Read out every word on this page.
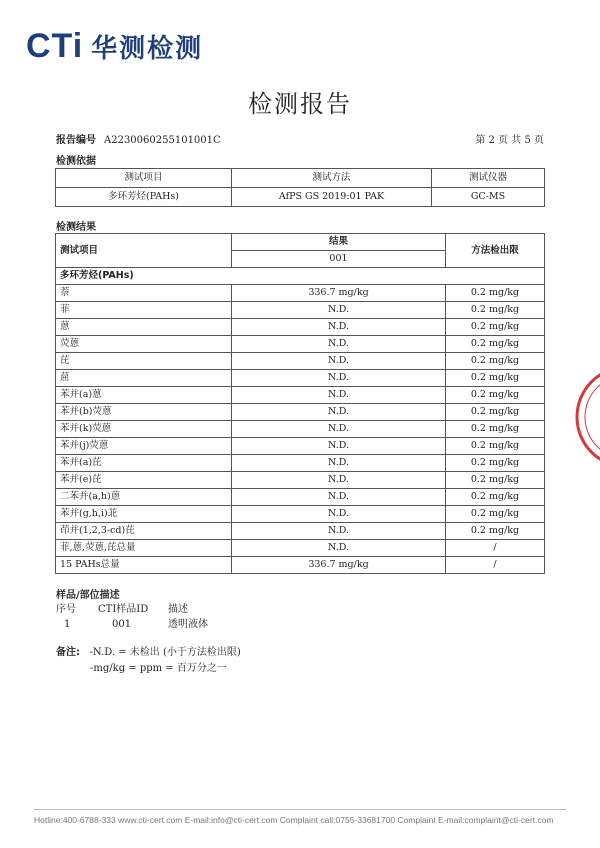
CTi 华测检测
检测报告
报告编号 A2230060255101001C	第 2 页 共 5 页
检测依据
测试项目	测试方法	测试仪器
多环芳烃(PAHs)	AfPS GS 2019:01 PAK	GC-MS
检测结果
测试项目	结果	方法检出限
	001	
多环芳烃(PAHs)		
萘	336.7 mg/kg	0.2 mg/kg
菲	N.D.	0.2 mg/kg
蒽	N.D.	0.2 mg/kg
荧蒽	N.D.	0.2 mg/kg
芘	N.D.	0.2 mg/kg
䓛	N.D.	0.2 mg/kg
苯并(a)蒽	N.D.	0.2 mg/kg
苯并(b)荧蒽	N.D.	0.2 mg/kg
苯并(k)荧蒽	N.D.	0.2 mg/kg
苯并(j)荧蒽	N.D.	0.2 mg/kg
苯并(a)芘	N.D.	0.2 mg/kg
苯并(e)芘	N.D.	0.2 mg/kg
二苯并(a,h)蒽	N.D.	0.2 mg/kg
苯并(g,h,i)苝	N.D.	0.2 mg/kg
茚并(1,2,3-cd)芘	N.D.	0.2 mg/kg
菲,蒽,荧蒽,芘总量	N.D.	/
15 PAHs总量	336.7 mg/kg	/
样品/部位描述
序号	CTI样品ID	描述
1	001	透明液体
备注: -N.D. = 未检出 (小于方法检出限)
-mg/kg = ppm = 百万分之一
Hotline:400-6788-333 www.cti-cert.com E-mail:info@cti-cert.com Complaint call:0755-33681700 Complaint E-mail:complaint@cti-cert.com
